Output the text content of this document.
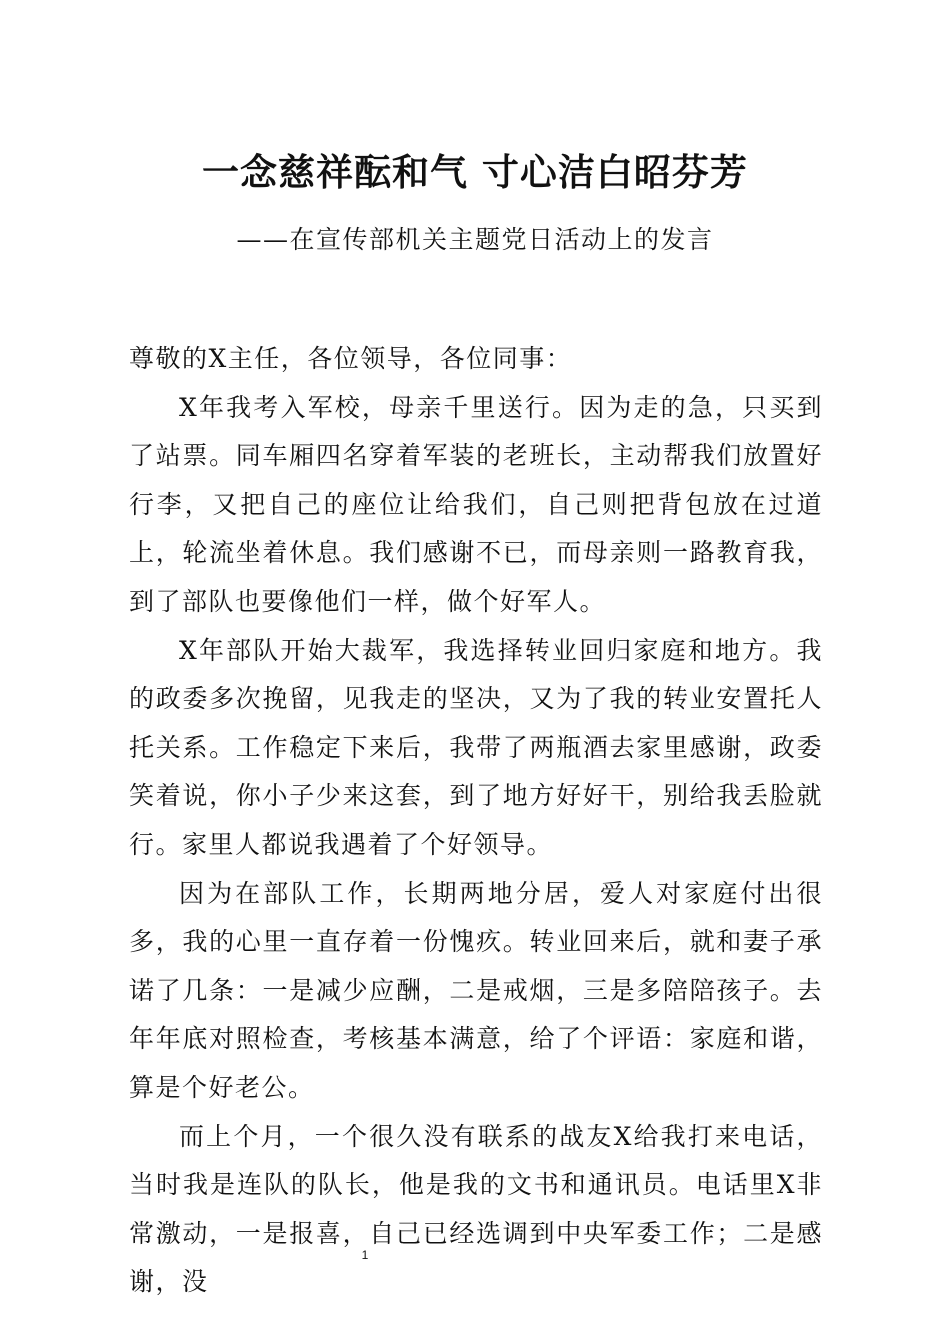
一念慈祥酝和气 寸心洁白昭芬芳
——在宣传部机关主题党日活动上的发言

尊敬的X主任，各位领导，各位同事：

X年我考入军校，母亲千里送行。因为走的急，只买到了站票。同车厢四名穿着军装的老班长，主动帮我们放置好行李，又把自己的座位让给我们，自己则把背包放在过道上，轮流坐着休息。我们感谢不已，而母亲则一路教育我，到了部队也要像他们一样，做个好军人。

X年部队开始大裁军，我选择转业回归家庭和地方。我的政委多次挽留，见我走的坚决，又为了我的转业安置托人托关系。工作稳定下来后，我带了两瓶酒去家里感谢，政委笑着说，你小子少来这套，到了地方好好干，别给我丢脸就行。家里人都说我遇着了个好领导。

因为在部队工作，长期两地分居，爱人对家庭付出很多，我的心里一直存着一份愧疚。转业回来后，就和妻子承诺了几条：一是减少应酬，二是戒烟，三是多陪陪孩子。去年年底对照检查，考核基本满意，给了个评语：家庭和谐，算是个好老公。

而上个月，一个很久没有联系的战友X给我打来电话，当时我是连队的队长，他是我的文书和通讯员。电话里X非常激动，一是报喜，自己已经选调到中央军委工作；二是感谢，没

1
